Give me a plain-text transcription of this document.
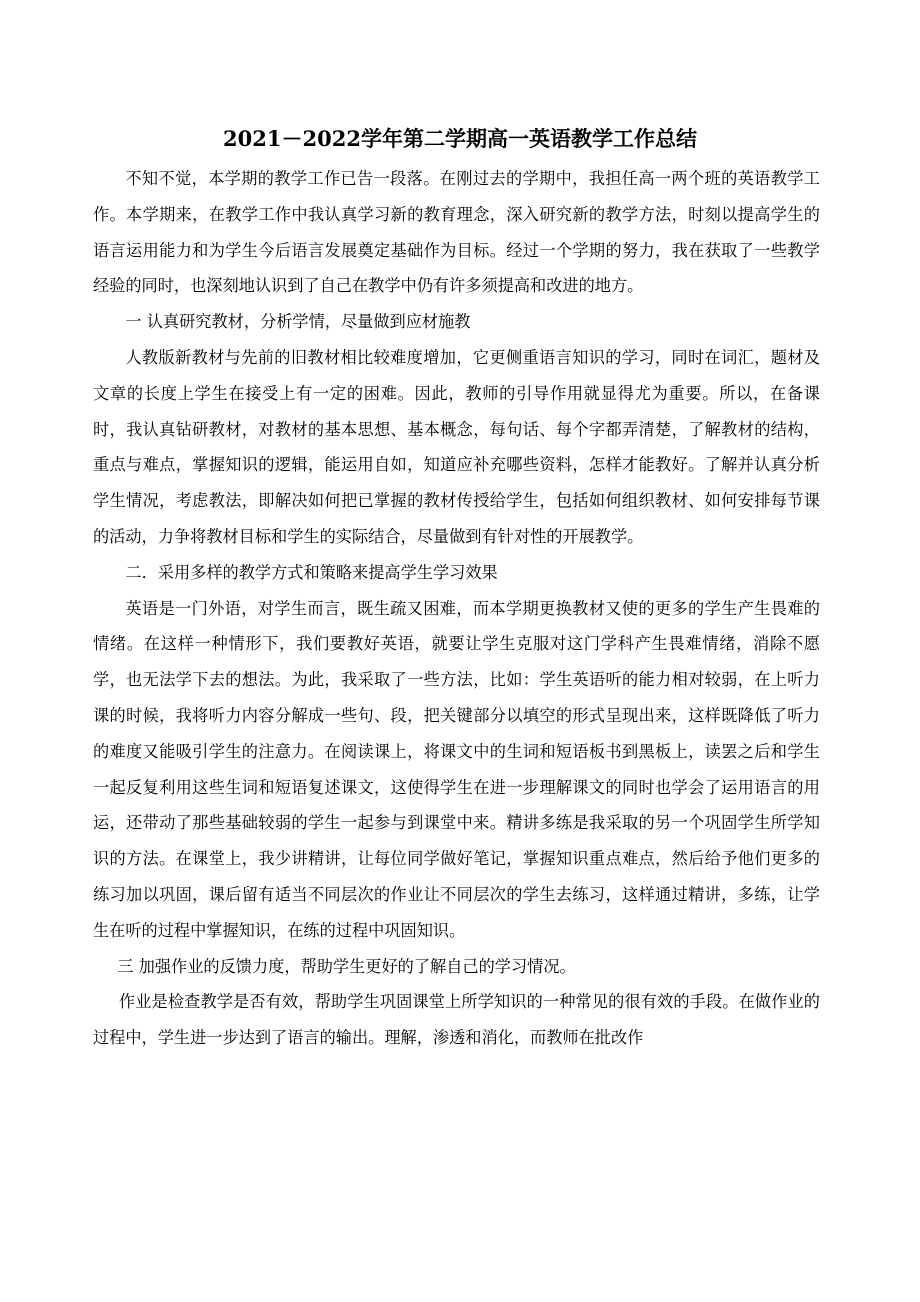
2021－2022学年第二学期高一英语教学工作总结

不知不觉，本学期的教学工作已告一段落。在刚过去的学期中，我担任高一两个班的英语教学工作。本学期来，在教学工作中我认真学习新的教育理念，深入研究新的教学方法，时刻以提高学生的语言运用能力和为学生今后语言发展奠定基础作为目标。经过一个学期的努力，我在获取了一些教学经验的同时，也深刻地认识到了自己在教学中仍有许多须提高和改进的地方。

一 认真研究教材，分析学情，尽量做到应材施教

人教版新教材与先前的旧教材相比较难度增加，它更侧重语言知识的学习，同时在词汇，题材及文章的长度上学生在接受上有一定的困难。因此，教师的引导作用就显得尤为重要。所以，在备课时，我认真钻研教材，对教材的基本思想、基本概念，每句话、每个字都弄清楚，了解教材的结构，重点与难点，掌握知识的逻辑，能运用自如，知道应补充哪些资料，怎样才能教好。了解并认真分析学生情况，考虑教法，即解决如何把已掌握的教材传授给学生，包括如何组织教材、如何安排每节课的活动，力争将教材目标和学生的实际结合，尽量做到有针对性的开展教学。

二．采用多样的教学方式和策略来提高学生学习效果

英语是一门外语，对学生而言，既生疏又困难，而本学期更换教材又使的更多的学生产生畏难的情绪。在这样一种情形下，我们要教好英语，就要让学生克服对这门学科产生畏难情绪，消除不愿学，也无法学下去的想法。为此，我采取了一些方法，比如：学生英语听的能力相对较弱，在上听力课的时候，我将听力内容分解成一些句、段，把关键部分以填空的形式呈现出来，这样既降低了听力的难度又能吸引学生的注意力。在阅读课上，将课文中的生词和短语板书到黑板上，读罢之后和学生一起反复利用这些生词和短语复述课文，这使得学生在进一步理解课文的同时也学会了运用语言的用运，还带动了那些基础较弱的学生一起参与到课堂中来。精讲多练是我采取的另一个巩固学生所学知识的方法。在课堂上，我少讲精讲，让每位同学做好笔记，掌握知识重点难点，然后给予他们更多的练习加以巩固，课后留有适当不同层次的作业让不同层次的学生去练习，这样通过精讲，多练，让学生在听的过程中掌握知识，在练的过程中巩固知识。

三 加强作业的反馈力度，帮助学生更好的了解自己的学习情况。

作业是检查教学是否有效，帮助学生巩固课堂上所学知识的一种常见的很有效的手段。在做作业的过程中，学生进一步达到了语言的输出。理解，渗透和消化，而教师在批改作
